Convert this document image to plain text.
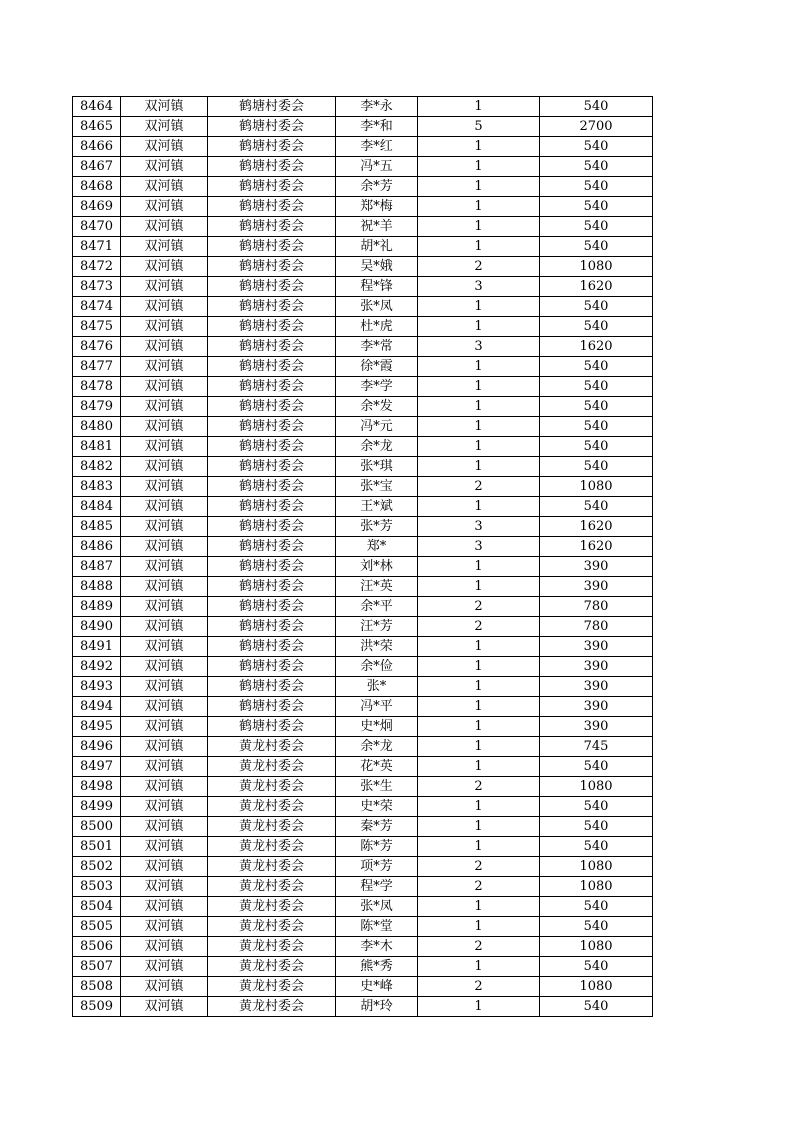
8464	双河镇	鹤塘村委会	李*永	1	540
8465	双河镇	鹤塘村委会	李*和	5	2700
8466	双河镇	鹤塘村委会	李*红	1	540
8467	双河镇	鹤塘村委会	冯*五	1	540
8468	双河镇	鹤塘村委会	余*芳	1	540
8469	双河镇	鹤塘村委会	郑*梅	1	540
8470	双河镇	鹤塘村委会	祝*羊	1	540
8471	双河镇	鹤塘村委会	胡*礼	1	540
8472	双河镇	鹤塘村委会	吴*娥	2	1080
8473	双河镇	鹤塘村委会	程*锋	3	1620
8474	双河镇	鹤塘村委会	张*凤	1	540
8475	双河镇	鹤塘村委会	杜*虎	1	540
8476	双河镇	鹤塘村委会	李*常	3	1620
8477	双河镇	鹤塘村委会	徐*霞	1	540
8478	双河镇	鹤塘村委会	李*学	1	540
8479	双河镇	鹤塘村委会	余*发	1	540
8480	双河镇	鹤塘村委会	冯*元	1	540
8481	双河镇	鹤塘村委会	余*龙	1	540
8482	双河镇	鹤塘村委会	张*琪	1	540
8483	双河镇	鹤塘村委会	张*宝	2	1080
8484	双河镇	鹤塘村委会	王*斌	1	540
8485	双河镇	鹤塘村委会	张*芳	3	1620
8486	双河镇	鹤塘村委会	郑*	3	1620
8487	双河镇	鹤塘村委会	刘*林	1	390
8488	双河镇	鹤塘村委会	汪*英	1	390
8489	双河镇	鹤塘村委会	余*平	2	780
8490	双河镇	鹤塘村委会	汪*芳	2	780
8491	双河镇	鹤塘村委会	洪*荣	1	390
8492	双河镇	鹤塘村委会	余*俭	1	390
8493	双河镇	鹤塘村委会	张*	1	390
8494	双河镇	鹤塘村委会	冯*平	1	390
8495	双河镇	鹤塘村委会	史*炯	1	390
8496	双河镇	黄龙村委会	余*龙	1	745
8497	双河镇	黄龙村委会	花*英	1	540
8498	双河镇	黄龙村委会	张*生	2	1080
8499	双河镇	黄龙村委会	史*荣	1	540
8500	双河镇	黄龙村委会	秦*芳	1	540
8501	双河镇	黄龙村委会	陈*芳	1	540
8502	双河镇	黄龙村委会	项*芳	2	1080
8503	双河镇	黄龙村委会	程*学	2	1080
8504	双河镇	黄龙村委会	张*凤	1	540
8505	双河镇	黄龙村委会	陈*堂	1	540
8506	双河镇	黄龙村委会	李*木	2	1080
8507	双河镇	黄龙村委会	熊*秀	1	540
8508	双河镇	黄龙村委会	史*峰	2	1080
8509	双河镇	黄龙村委会	胡*玲	1	540
